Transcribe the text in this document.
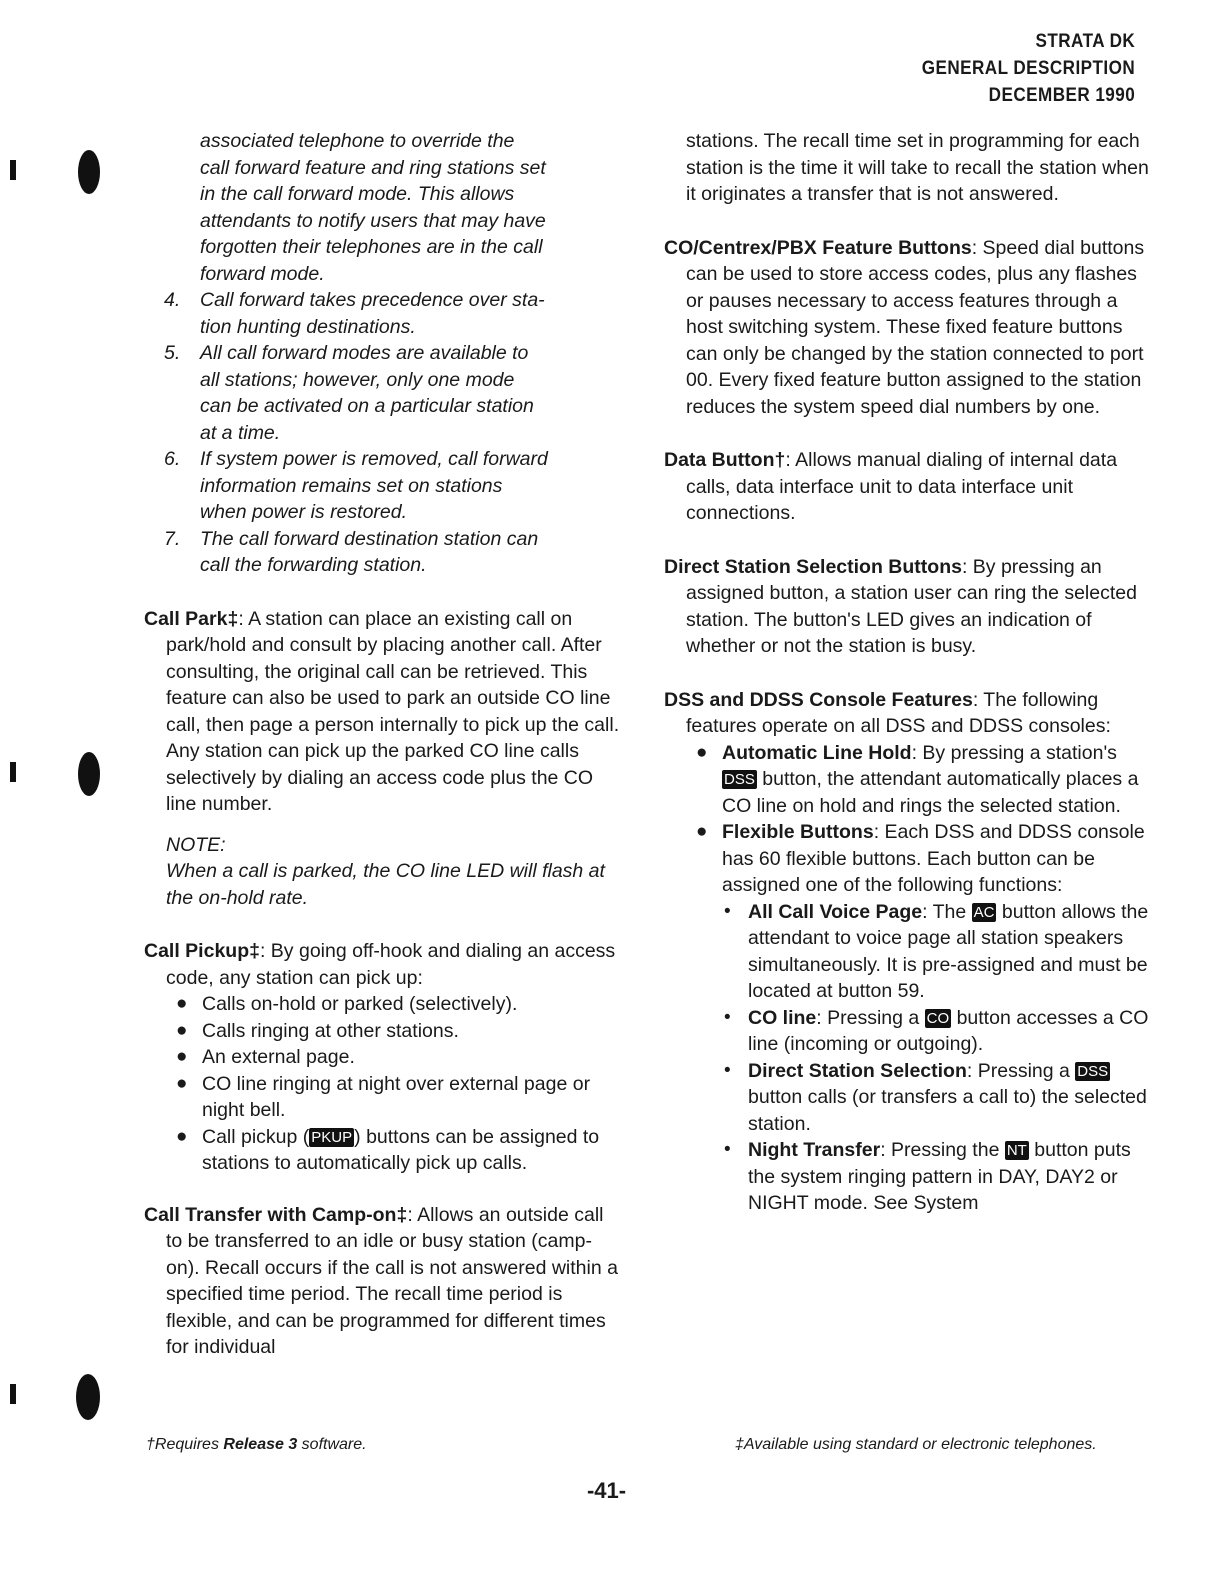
STRATA DK
GENERAL DESCRIPTION
DECEMBER 1990
associated telephone to override the
call forward feature and ring stations set
in the call forward mode. This allows
attendants to notify users that may have
forgotten their telephones are in the call
forward mode.
4. Call forward takes precedence over sta-
tion hunting destinations.
5. All call forward modes are available to
all stations; however, only one mode
can be activated on a particular station
at a time.
6. If system power is removed, call forward
information remains set on stations
when power is restored.
7. The call forward destination station can
call the forwarding station.

Call Park‡: A station can place an existing call on park/hold and consult by placing another call. After consulting, the original call can be retrieved. This feature can also be used to park an outside CO line call, then page a person internally to pick up the call. Any station can pick up the parked CO line calls selectively by dialing an access code plus the CO line number.

NOTE:
When a call is parked, the CO line LED will flash at the on-hold rate.

Call Pickup‡: By going off-hook and dialing an access code, any station can pick up:

● Calls on-hold or parked (selectively).
● Calls ringing at other stations.
● An external page.
● CO line ringing at night over external page or night bell.
● Call pickup ( PKUP ) buttons can be assigned to stations to automatically pick up calls.

Call Transfer with Camp-on‡: Allows an outside call to be transferred to an idle or busy station (camp-on). Recall occurs if the call is not answered within a specified time period. The recall time period is flexible, and can be programmed for different times for individual

stations. The recall time set in programming for each station is the time it will take to recall the station when it originates a transfer that is not answered.

CO/Centrex/PBX Feature Buttons: Speed dial buttons can be used to store access codes, plus any flashes or pauses necessary to access features through a host switching system. These fixed feature buttons can only be changed by the station connected to port 00. Every fixed feature button assigned to the station reduces the system speed dial numbers by one.

Data Button†: Allows manual dialing of internal data calls, data interface unit to data interface unit connections.

Direct Station Selection Buttons: By pressing an assigned button, a station user can ring the selected station. The button's LED gives an indication of whether or not the station is busy.

DSS and DDSS Console Features: The following features operate on all DSS and DDSS consoles:

● Automatic Line Hold: By pressing a station's DSS button, the attendant automatically places a CO line on hold and rings the selected station.
● Flexible Buttons: Each DSS and DDSS console has 60 flexible buttons. Each button can be assigned one of the following functions:
• All Call Voice Page: The AC button allows the attendant to voice page all station speakers simultaneously. It is pre-assigned and must be located at button 59.
• CO line: Pressing a CO button accesses a CO line (incoming or outgoing).
• Direct Station Selection: Pressing a DSS button calls (or transfers a call to) the selected station.
• Night Transfer: Pressing the NT button puts the system ringing pattern in DAY, DAY2 or NIGHT mode. See System
†Requires Release 3 software.	‡Available using standard or electronic telephones.
-41-
